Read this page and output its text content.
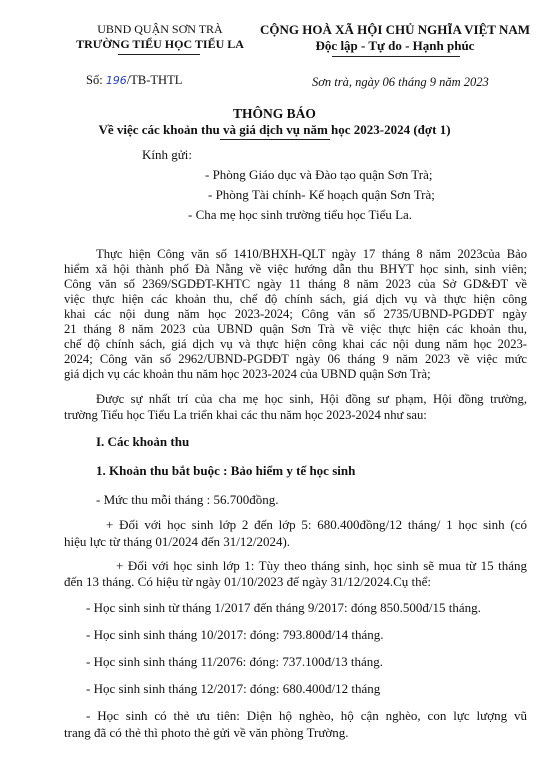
UBND QUẬN SƠN TRÀ
TRƯỜNG TIỂU HỌC TIỂU LA
CỘNG HOÀ XÃ HỘI CHỦ NGHĨA VIỆT NAM
Độc lập - Tự do - Hạnh phúc
Số: 196/TB-THTL	Sơn trà, ngày 06 tháng 9 năm 2023
THÔNG BÁO
Về việc các khoản thu và giá dịch vụ năm học 2023-2024 (đợt 1)
Kính gửi:
- Phòng Giáo dục và Đào tạo quận Sơn Trà;
- Phòng Tài chính- Kế hoạch quận Sơn Trà;
- Cha mẹ học sinh trường tiểu học Tiểu La.
Thực hiện Công văn số 1410/BHXH-QLT ngày 17 tháng 8 năm 2023của Bảo
hiểm xã hội thành phố Đà Nẵng về việc hướng dẫn thu BHYT học sinh, sinh viên;
Công văn số 2369/SGDĐT-KHTC ngày 11 tháng 8 năm 2023 của Sở GD&ĐT về
việc thực hiện các khoản thu, chế độ chính sách, giá dịch vụ và thực hiện công
khai các nội dung năm học 2023-2024; Công văn số 2735/UBND-PGDĐT ngày
21 tháng 8 năm 2023 của UBND quận Sơn Trà về việc thực hiện các khoản thu,
chế độ chính sách, giá dịch vụ và thực hiện công khai các nội dung năm học 2023-
2024; Công văn số 2962/UBND-PGDĐT ngày 06 tháng 9 năm 2023 về việc mức
giá dịch vụ các khoản thu năm học 2023-2024 của UBND quận Sơn Trà;
Được sự nhất trí của cha mẹ học sinh, Hội đồng sư phạm, Hội đồng trường,
trường Tiểu học Tiểu La triển khai các thu năm học 2023-2024 như sau:
I. Các khoản thu
1. Khoản thu bắt buộc : Bảo hiểm y tế học sinh
- Mức thu mỗi tháng : 56.700đồng.
+ Đối với học sinh lớp 2 đến lớp 5: 680.400đồng/12 tháng/ 1 học sinh (có
hiệu lực từ tháng 01/2024 đến 31/12/2024).
+ Đối với học sinh lớp 1: Tùy theo tháng sinh, học sinh sẽ mua từ 15 tháng
đến 13 tháng. Có hiệu từ ngày 01/10/2023 đế ngày 31/12/2024.Cụ thể:
- Học sinh sinh từ tháng 1/2017 đến tháng 9/2017: đóng 850.500đ/15 tháng.
- Học sinh sinh tháng 10/2017: đóng: 793.800đ/14 tháng.
- Học sinh sinh tháng 11/2076: đóng: 737.100đ/13 tháng.
- Học sinh sinh tháng 12/2017: đóng: 680.400đ/12 tháng
- Học sinh có thẻ ưu tiên: Diện hộ nghèo, hộ cận nghèo, con lực lượng vũ
trang đã có thẻ thì photo thẻ gửi về văn phòng Trường.
